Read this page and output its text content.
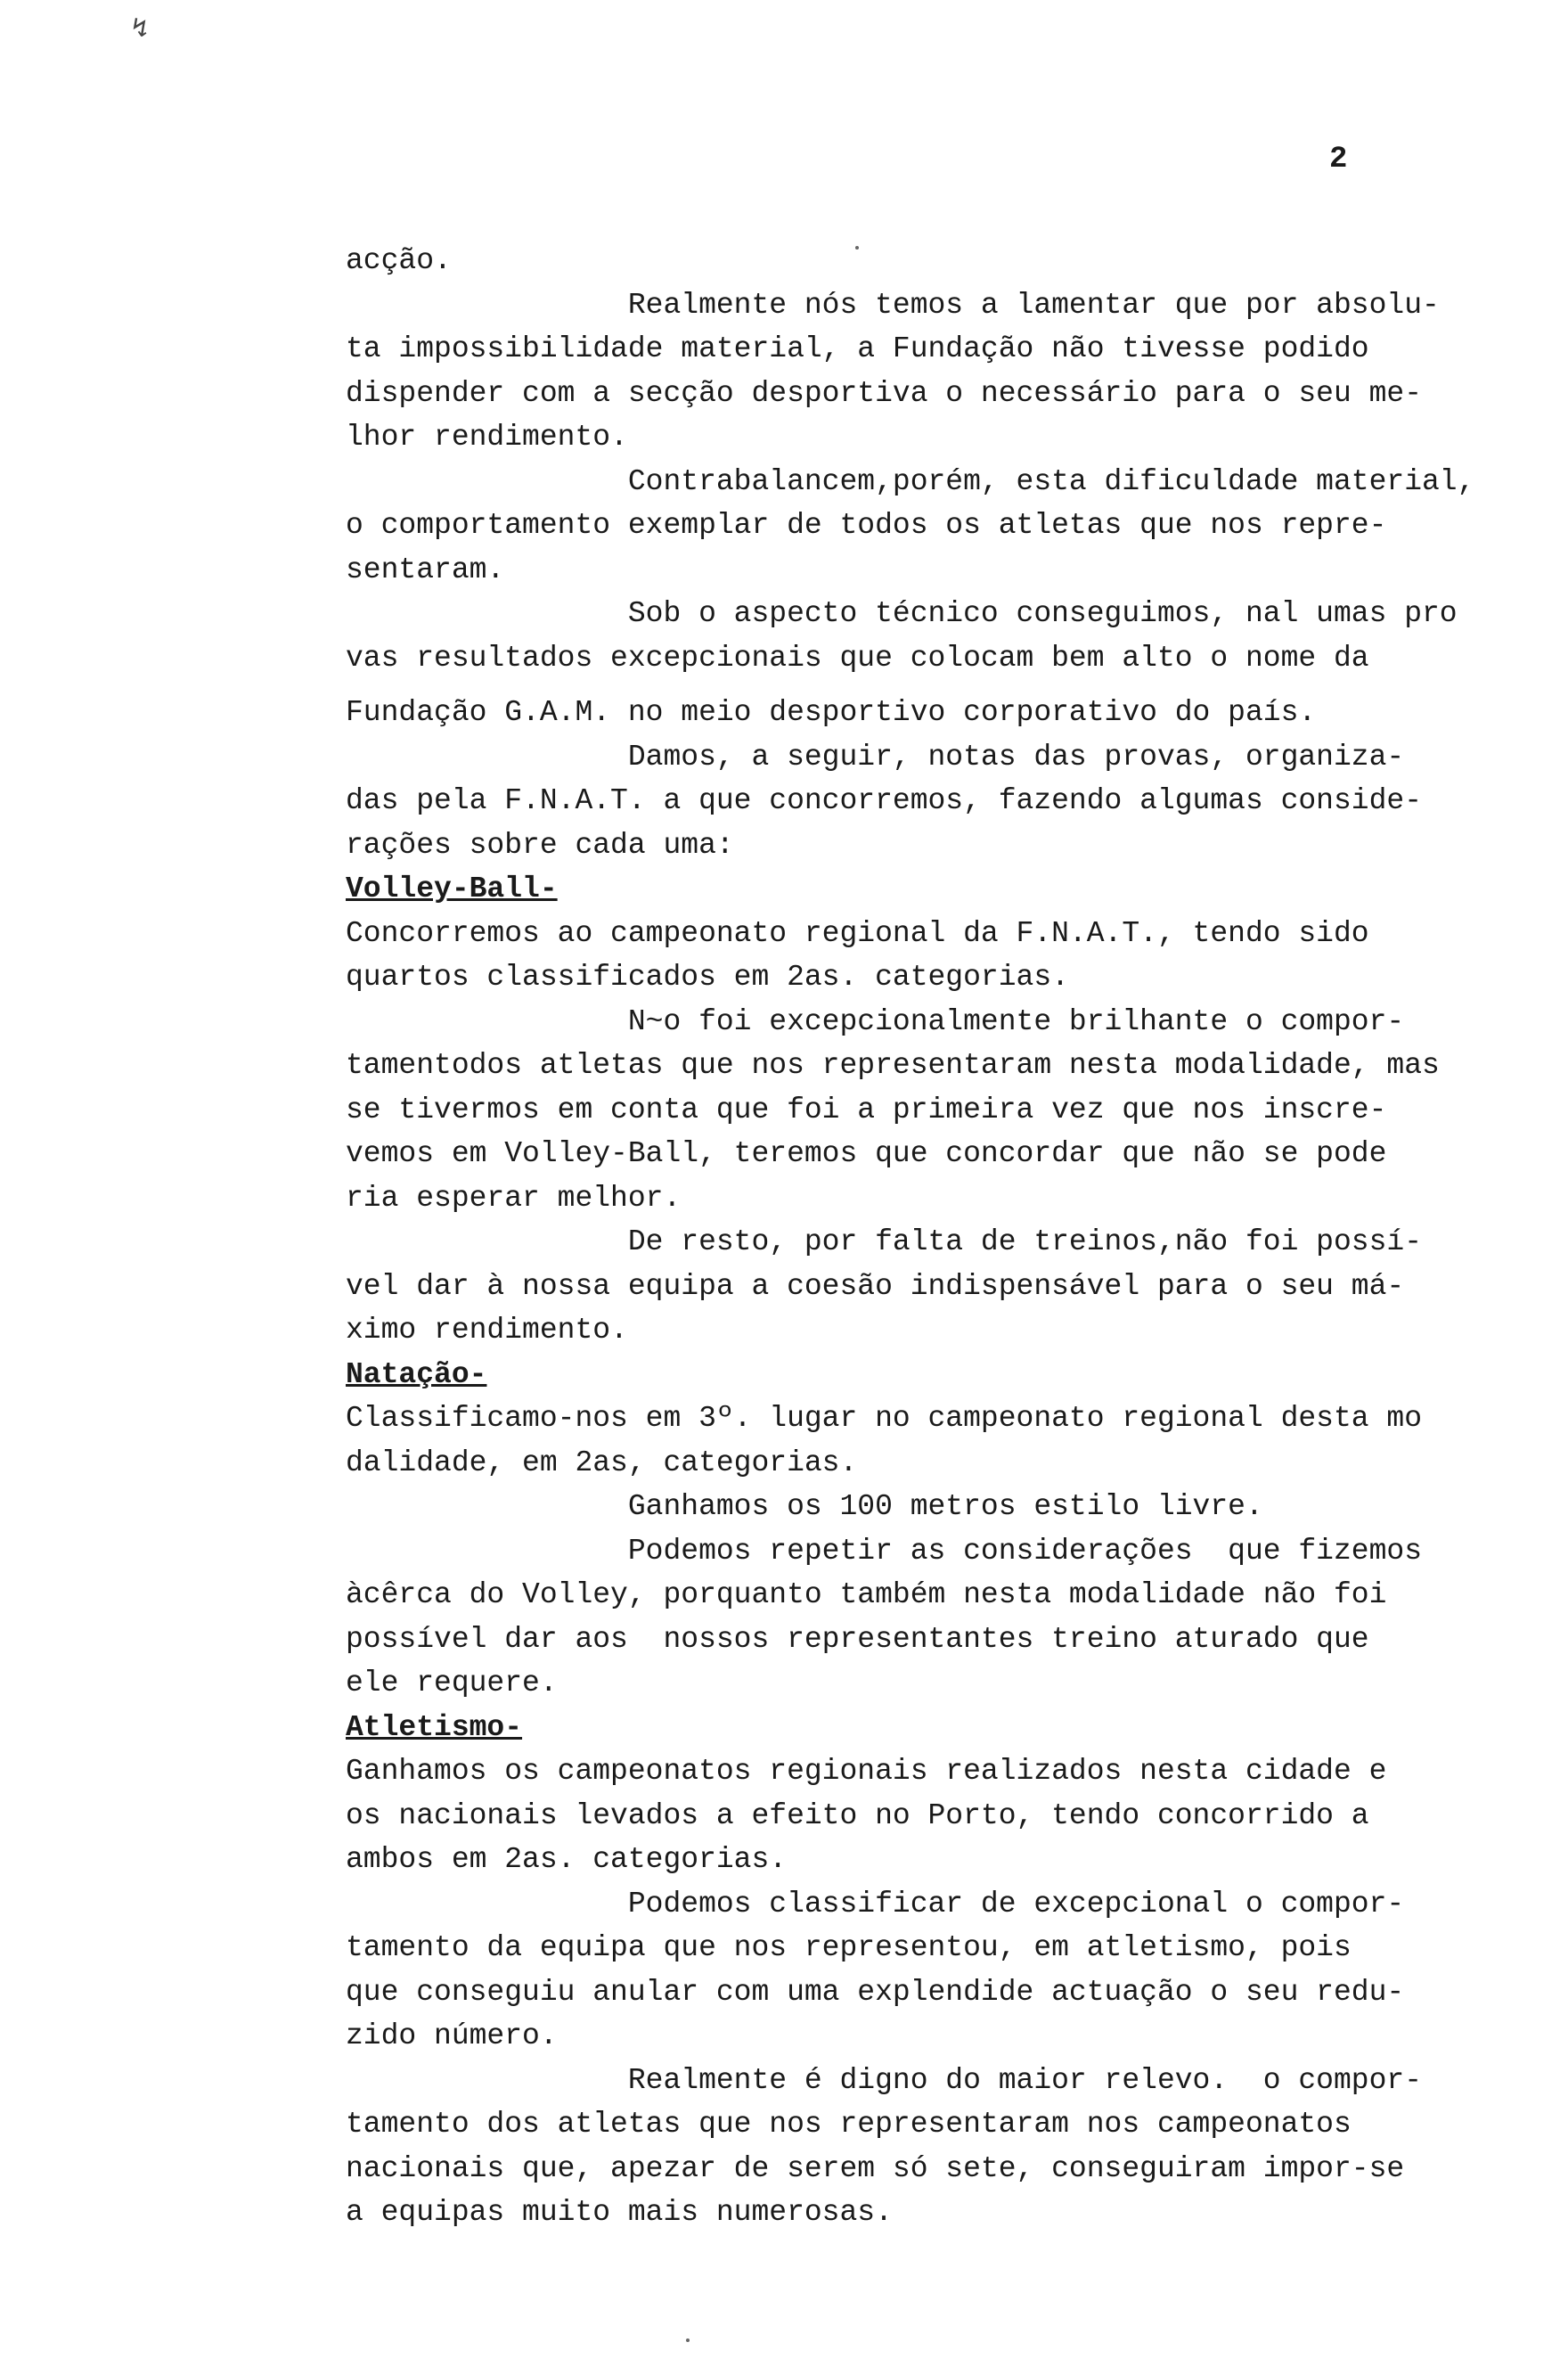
↯
2
acção.
Realmente nós temos a lamentar que por absolu-
ta impossibilidade material, a Fundação não tivesse podido
dispender com a secção desportiva o necessário para o seu me-
lhor rendimento.
Contrabalancem,porém, esta dificuldade material,
o comportamento exemplar de todos os atletas que nos repre-
sentaram.
Sob o aspecto técnico conseguimos, nal umas pro
vas resultados excepcionais que colocam bem alto o nome da
Fundação G.A.M. no meio desportivo corporativo do país.
Damos, a seguir, notas das provas, organiza-
das pela F.N.A.T. a que concorremos, fazendo algumas conside-
rações sobre cada uma:
Volley-Ball-
Concorremos ao campeonato regional da F.N.A.T., tendo sido
quartos classificados em 2as. categorias.
N~o foi excepcionalmente brilhante o compor-
tamentodos atletas que nos representaram nesta modalidade, mas
se tivermos em conta que foi a primeira vez que nos inscre-
vemos em Volley-Ball, teremos que concordar que não se pode
ria esperar melhor.
De resto, por falta de treinos,não foi possí-
vel dar à nossa equipa a coesão indispensável para o seu má-
ximo rendimento.
Natação-
Classificamo-nos em 3º. lugar no campeonato regional desta mo
dalidade, em 2as, categorias.
Ganhamos os 100 metros estilo livre.
Podemos repetir as considerações  que fizemos
àcêrca do Volley, porquanto também nesta modalidade não foi
possível dar aos  nossos representantes treino aturado que
ele requere.
Atletismo-
Ganhamos os campeonatos regionais realizados nesta cidade e
os nacionais levados a efeito no Porto, tendo concorrido a
ambos em 2as. categorias.
Podemos classificar de excepcional o compor-
tamento da equipa que nos representou, em atletismo, pois
que conseguiu anular com uma explendide actuação o seu redu-
zido número.
Realmente é digno do maior relevo.  o compor-
tamento dos atletas que nos representaram nos campeonatos
nacionais que, apezar de serem só sete, conseguiram impor-se
a equipas muito mais numerosas.
